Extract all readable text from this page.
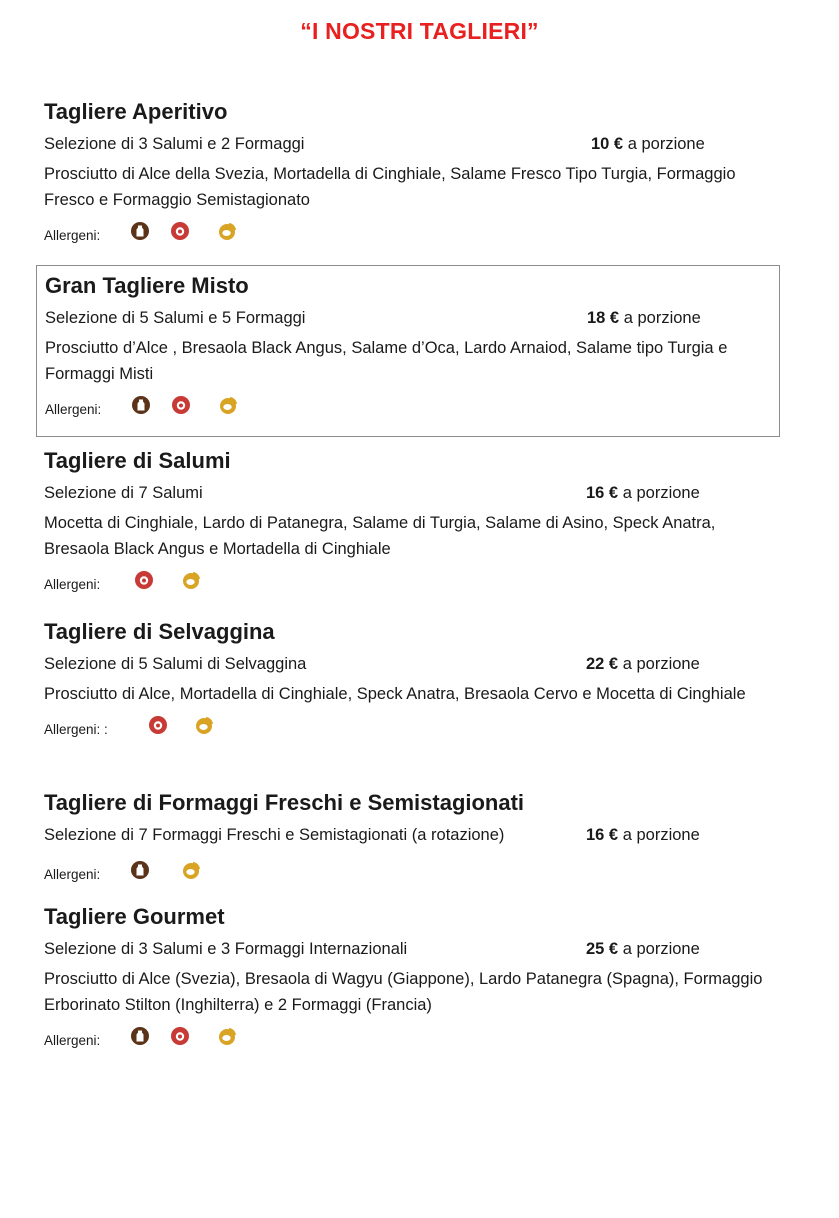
“I NOSTRI TAGLIERI”
Tagliere Aperitivo
Selezione di 3 Salumi e 2 Formaggi	10 € a porzione
Prosciutto di Alce della Svezia, Mortadella di Cinghiale, Salame Fresco Tipo Turgia, Formaggio Fresco e Formaggio Semistagionato
Allergeni:
Gran Tagliere Misto
Selezione di 5 Salumi e 5 Formaggi	18 € a porzione
Prosciutto d’Alce , Bresaola Black Angus, Salame d’Oca, Lardo Arnaiod, Salame tipo Turgia e Formaggi Misti
Allergeni:
Tagliere di Salumi
Selezione di 7 Salumi	16 € a porzione
Mocetta di Cinghiale, Lardo di Patanegra, Salame di Turgia, Salame di Asino, Speck Anatra, Bresaola Black Angus e Mortadella di Cinghiale
Allergeni:
Tagliere di Selvaggina
Selezione di 5 Salumi di Selvaggina	22 € a porzione
Prosciutto di Alce, Mortadella di Cinghiale, Speck Anatra, Bresaola Cervo e Mocetta di Cinghiale
Allergeni: :
Tagliere di Formaggi Freschi e Semistagionati
Selezione di 7 Formaggi Freschi e Semistagionati (a rotazione)	16 € a porzione
Allergeni:
Tagliere Gourmet
Selezione di 3 Salumi e 3 Formaggi Internazionali	25 € a porzione
Prosciutto di Alce (Svezia), Bresaola di Wagyu (Giappone), Lardo Patanegra (Spagna), Formaggio Erborinato Stilton (Inghilterra) e 2 Formaggi (Francia)
Allergeni:
